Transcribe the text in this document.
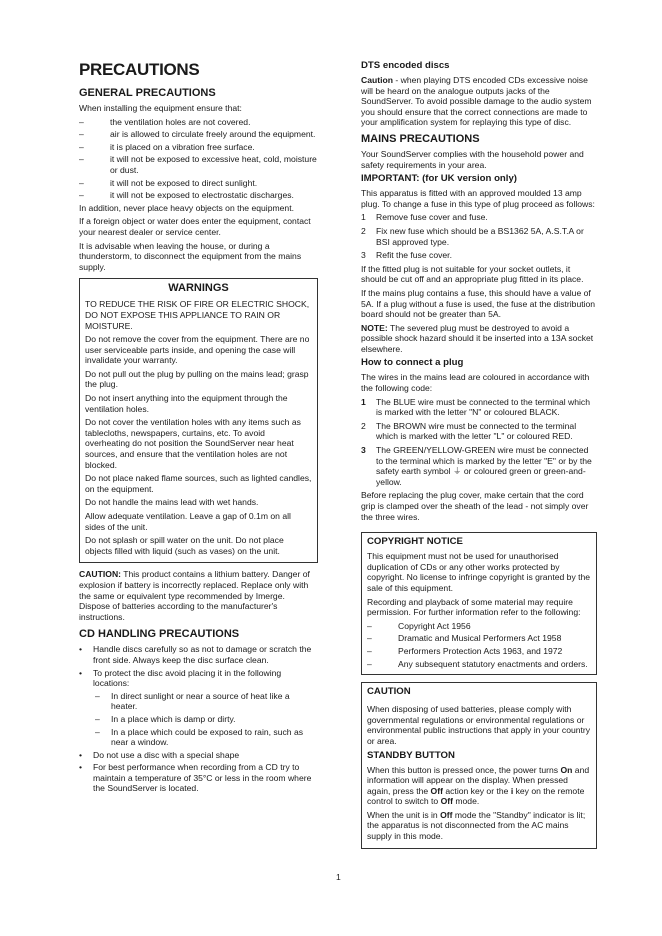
PRECAUTIONS
GENERAL PRECAUTIONS

When installing the equipment ensure that:

–	the ventilation holes are not covered.
–	air is allowed to circulate freely around the equipment.
–	it is placed on a vibration free surface.
–	it will not be exposed to excessive heat, cold, moisture or dust.
–	it will not be exposed to direct sunlight.
–	it will not be exposed to electrostatic discharges.

In addition, never place heavy objects on the equipment.

If a foreign object or water does enter the equipment, contact your nearest dealer or service center.

It is advisable when leaving the house, or during a thunderstorm, to disconnect the equipment from the mains supply.

WARNINGS

TO REDUCE THE RISK OF FIRE OR ELECTRIC SHOCK, DO NOT EXPOSE THIS APPLIANCE TO RAIN OR MOISTURE.

Do not remove the cover from the equipment. There are no user serviceable parts inside, and opening the case will invalidate your warranty.

Do not pull out the plug by pulling on the mains lead; grasp the plug.

Do not insert anything into the equipment through the ventilation holes.

Do not cover the ventilation holes with any items such as tablecloths, newspapers, curtains, etc. To avoid overheating do not position the SoundServer near heat sources, and ensure that the ventilation holes are not blocked.

Do not place naked flame sources, such as lighted candles, on the equipment.

Do not handle the mains lead with wet hands.

Allow adequate ventilation. Leave a gap of 0.1m on all sides of the unit.

Do not splash or spill water on the unit. Do not place objects filled with liquid (such as vases) on the unit.

CAUTION: This product contains a lithium battery. Danger of explosion if battery is incorrectly replaced. Replace only with the same or equivalent type recommended by Imerge. Dispose of batteries according to the manufacturer's instructions.

CD HANDLING PRECAUTIONS
•	Handle discs carefully so as not to damage or scratch the front side. Always keep the disc surface clean.
•	To protect the disc avoid placing it in the following locations:
–	In direct sunlight or near a source of heat like a heater.
–	In a place which is damp or dirty.
–	In a place which could be exposed to rain, such as near a window.
•	Do not use a disc with a special shape
•	For best performance when recording from a CD try to maintain a temperature of 35°C or less in the room where the SoundServer is located.
DTS encoded discs

Caution - when playing DTS encoded CDs excessive noise will be heard on the analogue outputs jacks of the SoundServer. To avoid possible damage to the audio system you should ensure that the correct connections are made to your amplification system for replaying this type of disc.

MAINS PRECAUTIONS

Your SoundServer complies with the household power and safety requirements in your area.

IMPORTANT: (for UK version only)

This apparatus is fitted with an approved moulded 13 amp plug. To change a fuse in this type of plug proceed as follows:

1	Remove fuse cover and fuse.
2	Fix new fuse which should be a BS1362 5A, A.S.T.A or BSI approved type.
3	Refit the fuse cover.

If the fitted plug is not suitable for your socket outlets, it should be cut off and an appropriate plug fitted in its place.

If the mains plug contains a fuse, this should have a value of 5A. If a plug without a fuse is used, the fuse at the distribution board should not be greater than 5A.

NOTE: The severed plug must be destroyed to avoid a possible shock hazard should it be inserted into a 13A socket elsewhere.

How to connect a plug

The wires in the mains lead are coloured in accordance with the following code:

1	The BLUE wire must be connected to the terminal which is marked with the letter "N" or coloured BLACK.
2	The BROWN wire must be connected to the terminal which is marked with the letter "L" or coloured RED.
3	The GREEN/YELLOW-GREEN wire must be connected to the terminal which is marked by the letter "E" or by the safety earth symbol ⏚ or coloured green or green-and-yellow.

Before replacing the plug cover, make certain that the cord grip is clamped over the sheath of the lead - not simply over the three wires.

COPYRIGHT NOTICE

This equipment must not be used for unauthorised duplication of CDs or any other works protected by copyright. No license to infringe copyright is granted by the sale of this equipment.

Recording and playback of some material may require permission. For further information refer to the following:

–	Copyright Act 1956
–	Dramatic and Musical Performers Act 1958
–	Performers Protection Acts 1963, and 1972
–	Any subsequent statutory enactments and orders.
CAUTION

When disposing of used batteries, please comply with governmental regulations or environmental regulations or environmental public instructions that apply in your country or area.

STANDBY BUTTON

When this button is pressed once, the power turns On and information will appear on the display. When pressed again, press the Off action key or the i key on the remote control to switch to Off mode.

When the unit is in Off mode the "Standby" indicator is lit; the apparatus is not disconnected from the AC mains supply in this mode.

1
